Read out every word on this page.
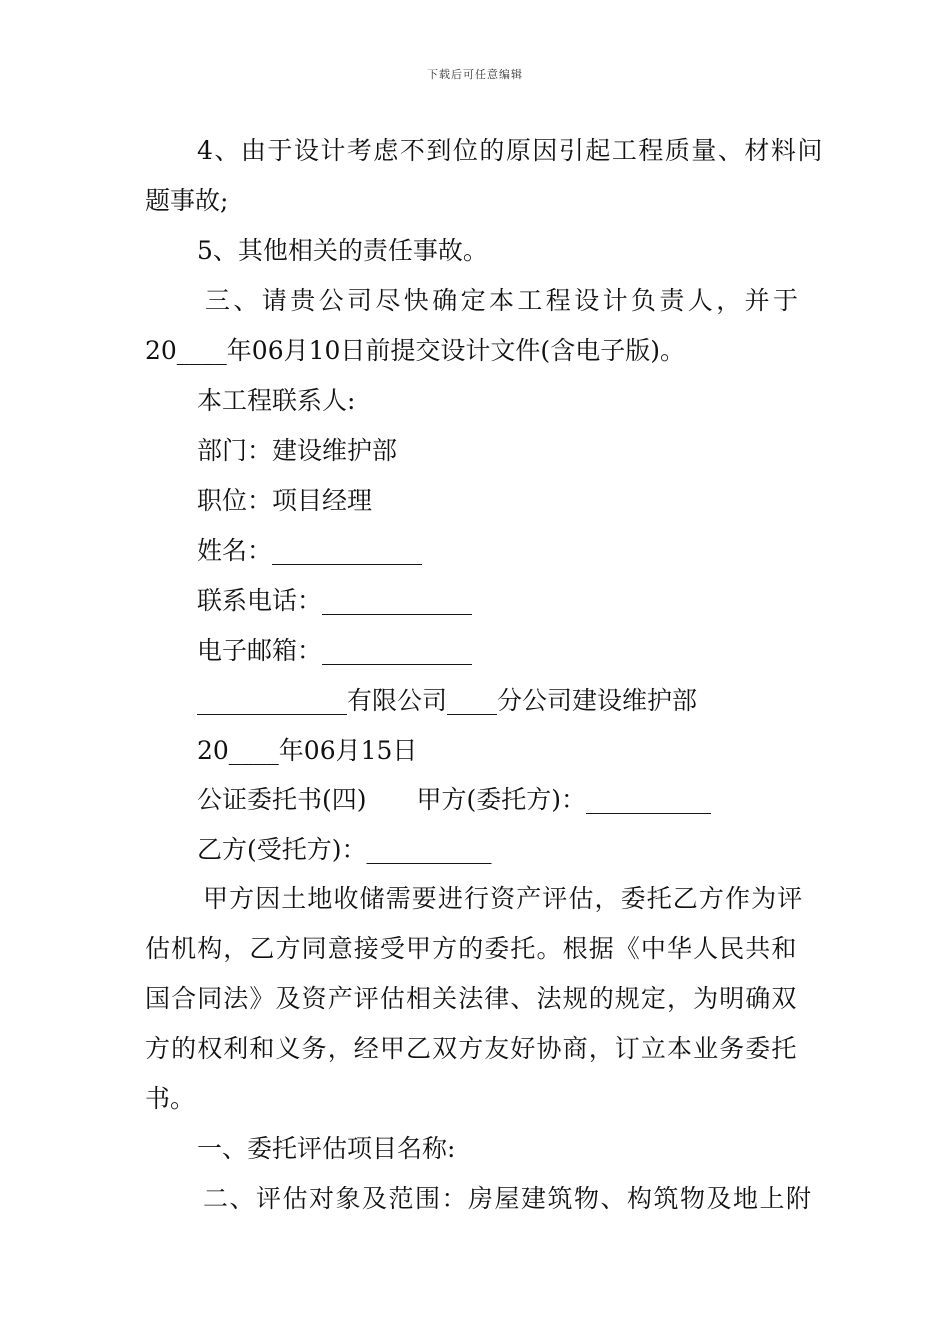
下载后可任意编辑
4、由于设计考虑不到位的原因引起工程质量、材料问
题事故;
5、其他相关的责任事故。
三、请贵公司尽快确定本工程设计负责人，并于
20____年06月10日前提交设计文件(含电子版)。
本工程联系人:
部门：建设维护部
职位：项目经理
姓名：____________
联系电话：____________
电子邮箱：____________
____________有限公司____分公司建设维护部
20____年06月15日
公证委托书(四)　　甲方(委托方)：__________
乙方(受托方)：__________
甲方因土地收储需要进行资产评估，委托乙方作为评
估机构，乙方同意接受甲方的委托。根据《中华人民共和
国合同法》及资产评估相关法律、法规的规定，为明确双
方的权利和义务，经甲乙双方友好协商，订立本业务委托
书。
一、委托评估项目名称:
二、评估对象及范围：房屋建筑物、构筑物及地上附
